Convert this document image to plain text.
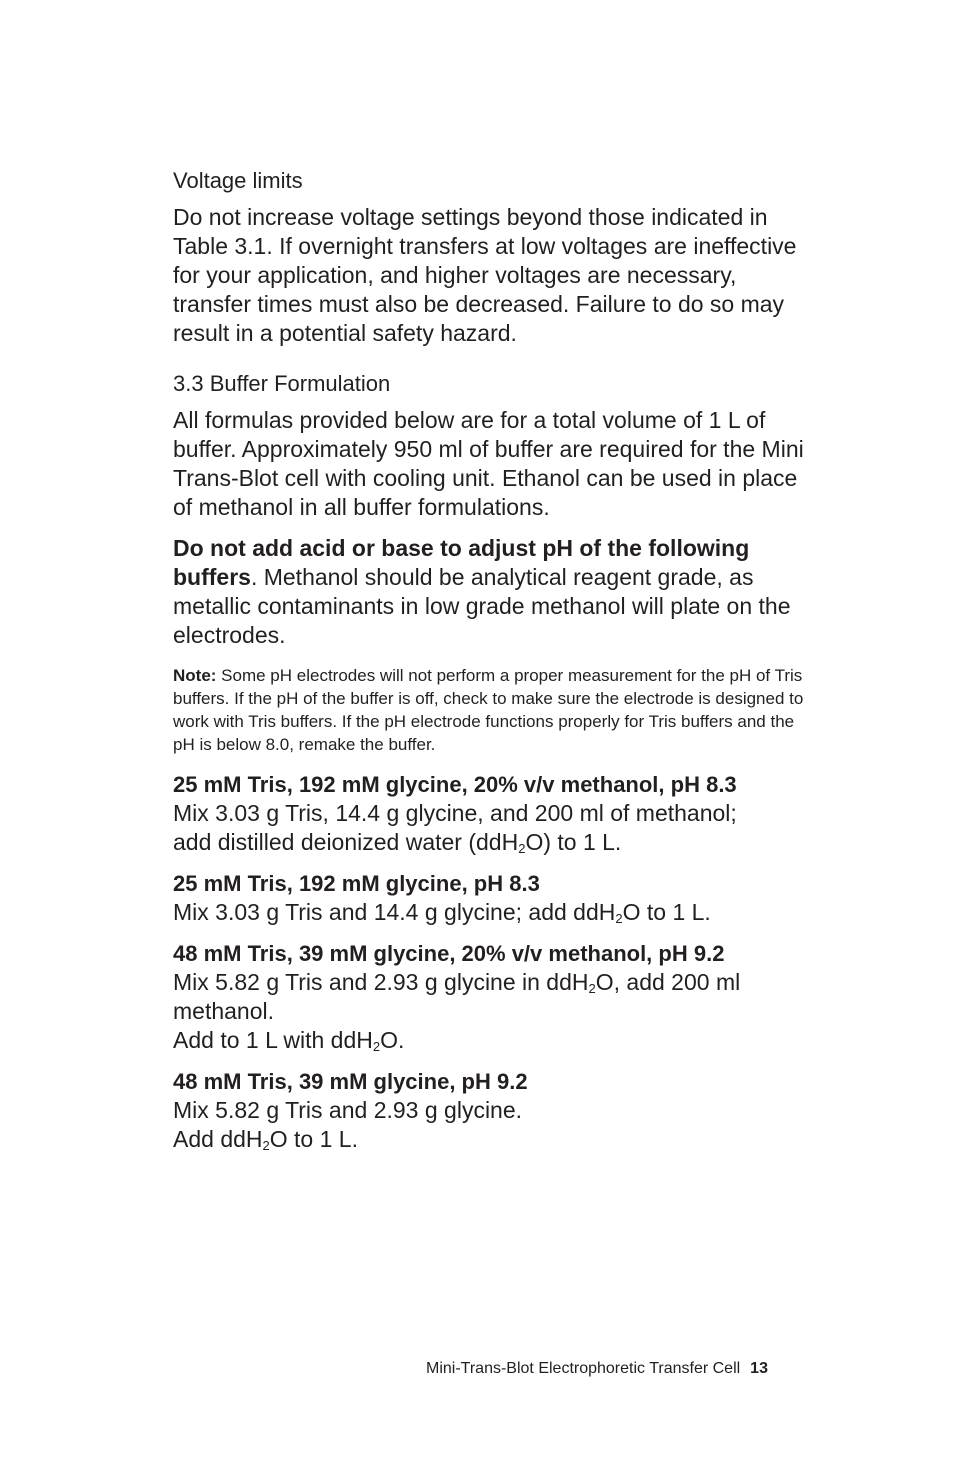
Voltage limits

Do not increase voltage settings beyond those indicated in Table 3.1. If overnight transfers at low voltages are ineffective for your application, and higher voltages are necessary, transfer times must also be decreased. Failure to do so may result in a potential safety hazard.

3.3 Buffer Formulation

All formulas provided below are for a total volume of 1 L of buffer. Approximately 950 ml of buffer are required for the Mini Trans-Blot cell with cooling unit. Ethanol can be used in place of methanol in all buffer formulations.

Do not add acid or base to adjust pH of the following buffers. Methanol should be analytical reagent grade, as metallic contaminants in low grade methanol will plate on the electrodes.

Note: Some pH electrodes will not perform a proper measurement for the pH of Tris buffers. If the pH of the buffer is off, check to make sure the electrode is designed to work with Tris buffers. If the pH electrode functions properly for Tris buffers and the pH is below 8.0, remake the buffer.

25 mM Tris, 192 mM glycine, 20% v/v methanol, pH 8.3

Mix 3.03 g Tris, 14.4 g glycine, and 200 ml of methanol;

add distilled deionized water (ddH$_2$O) to 1 L.

25 mM Tris, 192 mM glycine, pH 8.3

Mix 3.03 g Tris and 14.4 g glycine; add ddH$_2$O to 1 L.

48 mM Tris, 39 mM glycine, 20% v/v methanol, pH 9.2

Mix 5.82 g Tris and 2.93 g glycine in ddH$_2$O, add 200 ml

methanol.

Add to 1 L with ddH$_2$O.

48 mM Tris, 39 mM glycine, pH 9.2

Mix 5.82 g Tris and 2.93 g glycine.

Add ddH$_2$O to 1 L.

Mini-Trans-Blot Electrophoretic Transfer Cell 13
